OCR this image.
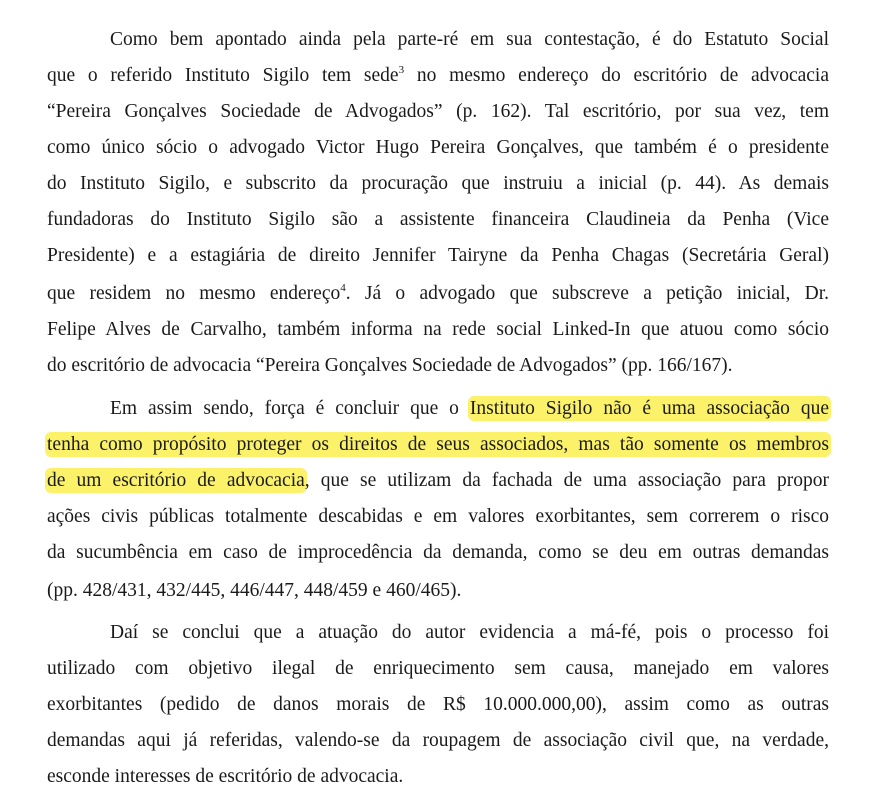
Como bem apontado ainda pela parte-ré em sua contestação, é do Estatuto Social
que o referido Instituto Sigilo tem sede$^3$ no mesmo endereço do escritório de advocacia
“Pereira Gonçalves Sociedade de Advogados” (p. 162). Tal escritório, por sua vez, tem
como único sócio o advogado Victor Hugo Pereira Gonçalves, que também é o presidente
do Instituto Sigilo, e subscrito da procuração que instruiu a inicial (p. 44). As demais
fundadoras do Instituto Sigilo são a assistente financeira Claudineia da Penha (Vice
Presidente) e a estagiária de direito Jennifer Tairyne da Penha Chagas (Secretária Geral)
que residem no mesmo endereço$^4$. Já o advogado que subscreve a petição inicial, Dr.
Felipe Alves de Carvalho, também informa na rede social Linked-In que atuou como sócio
do escritório de advocacia “Pereira Gonçalves Sociedade de Advogados” (pp. 166/167).
Em assim sendo, força é concluir que o Instituto Sigilo não é uma associação que
tenha como propósito proteger os direitos de seus associados, mas tão somente os membros
de um escritório de advocacia, que se utilizam da fachada de uma associação para propor
ações civis públicas totalmente descabidas e em valores exorbitantes, sem correrem o risco
da sucumbência em caso de improcedência da demanda, como se deu em outras demandas
(pp. 428/431, 432/445, 446/447, 448/459 e 460/465).
Daí se conclui que a atuação do autor evidencia a má-fé, pois o processo foi
utilizado com objetivo ilegal de enriquecimento sem causa, manejado em valores
exorbitantes (pedido de danos morais de R$ 10.000.000,00), assim como as outras
demandas aqui já referidas, valendo-se da roupagem de associação civil que, na verdade,
esconde interesses de escritório de advocacia.
